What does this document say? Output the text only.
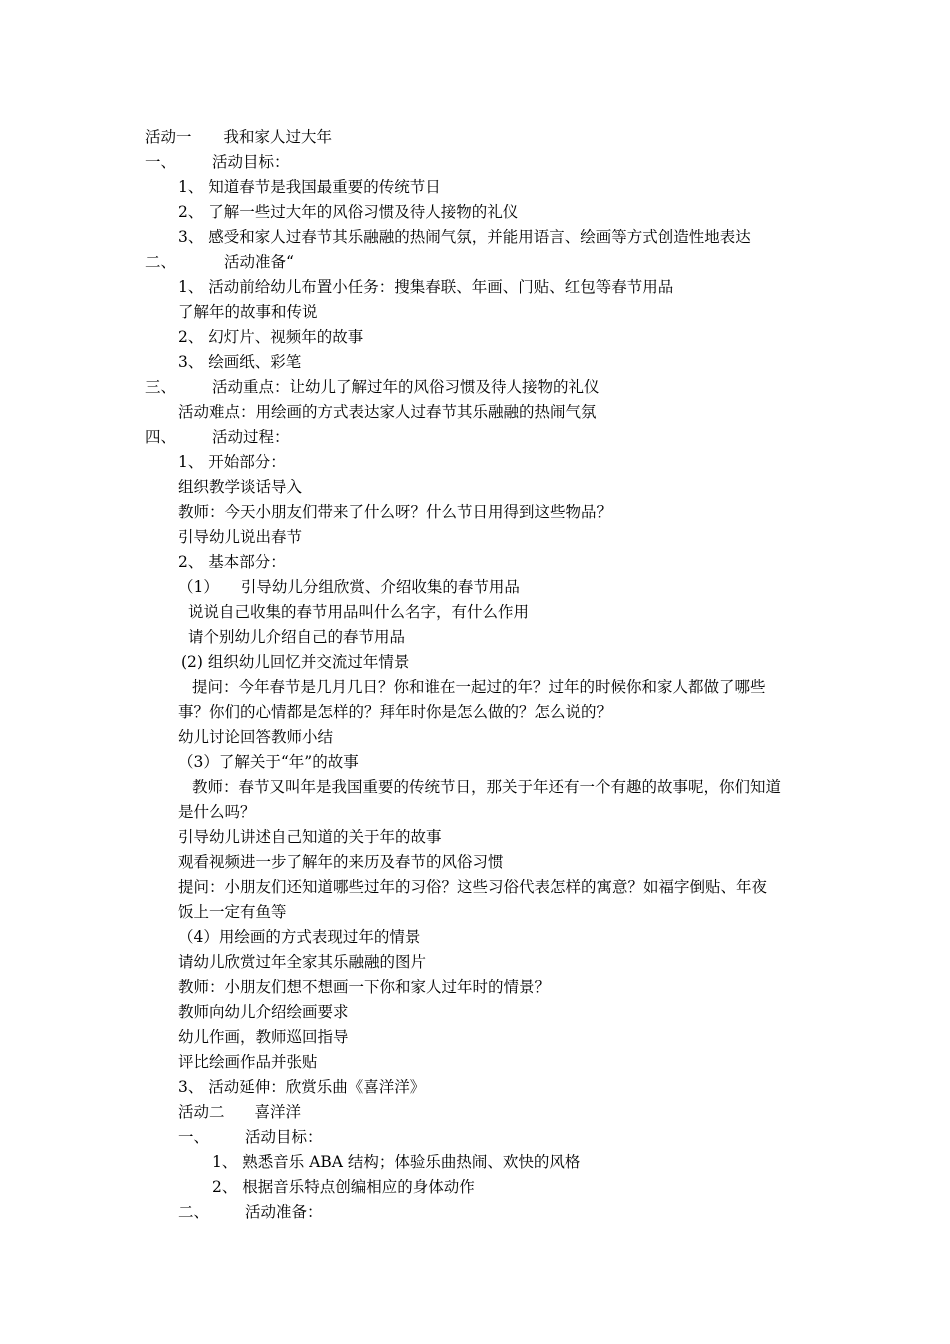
活动一 我和家人过大年
一、 活动目标：
1、 知道春节是我国最重要的传统节日
2、 了解一些过大年的风俗习惯及待人接物的礼仪
3、 感受和家人过春节其乐融融的热闹气氛，并能用语言、绘画等方式创造性地表达
二、	活动准备“
1、 活动前给幼儿布置小任务：搜集春联、年画、门贴、红包等春节用品
了解年的故事和传说
2、 幻灯片、视频年的故事
3、 绘画纸、彩笔
三、 活动重点：让幼儿了解过年的风俗习惯及待人接物的礼仪
活动难点：用绘画的方式表达家人过春节其乐融融的热闹气氛
四、 活动过程：
1、 开始部分：
组织教学谈话导入
教师：今天小朋友们带来了什么呀？什么节日用得到这些物品？
引导幼儿说出春节
2、 基本部分：
（1） 引导幼儿分组欣赏、介绍收集的春节用品
说说自己收集的春节用品叫什么名字，有什么作用
请个别幼儿介绍自己的春节用品
(2) 组织幼儿回忆并交流过年情景
提问：今年春节是几月几日？你和谁在一起过的年？过年的时候你和家人都做了哪些
事？你们的心情都是怎样的？拜年时你是怎么做的？怎么说的？
幼儿讨论回答教师小结
（3）了解关于“年”的故事
教师：春节又叫年是我国重要的传统节日，那关于年还有一个有趣的故事呢，你们知道
是什么吗？
引导幼儿讲述自己知道的关于年的故事
观看视频进一步了解年的来历及春节的风俗习惯
提问：小朋友们还知道哪些过年的习俗？这些习俗代表怎样的寓意？如福字倒贴、年夜
饭上一定有鱼等
（4）用绘画的方式表现过年的情景
请幼儿欣赏过年全家其乐融融的图片
教师：小朋友们想不想画一下你和家人过年时的情景？
教师向幼儿介绍绘画要求
幼儿作画，教师巡回指导
评比绘画作品并张贴
3、 活动延伸：欣赏乐曲《喜洋洋》
活动二 喜洋洋
一、 活动目标：
1、 熟悉音乐 ABA 结构；体验乐曲热闹、欢快的风格
2、 根据音乐特点创编相应的身体动作
二、 活动准备：
